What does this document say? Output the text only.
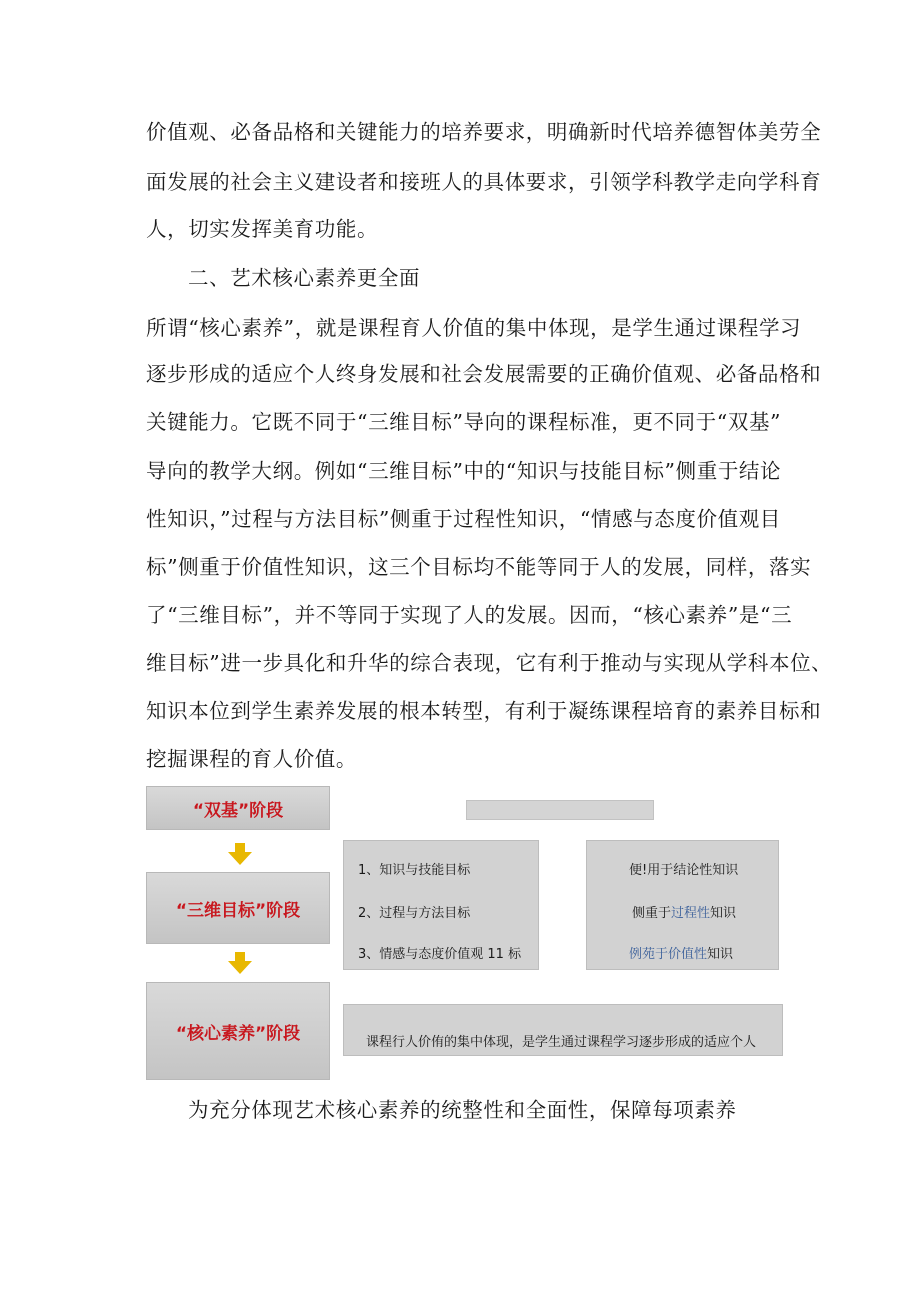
价值观、必备品格和关键能力的培养要求，明确新时代培养德智体美劳全
面发展的社会主义建设者和接班人的具体要求，引领学科教学走向学科育
人，切实发挥美育功能。
二、艺术核心素养更全面
所谓“核心素养”，就是课程育人价值的集中体现，是学生通过课程学习
逐步形成的适应个人终身发展和社会发展需要的正确价值观、必备品格和
关键能力。它既不同于“三维目标”导向的课程标准，更不同于“双基”
导向的教学大纲。例如“三维目标”中的“知识与技能目标”侧重于结论
性知识，”过程与方法目标”侧重于过程性知识，“情感与态度价值观目
标”侧重于价值性知识，这三个目标均不能等同于人的发展，同样，落实
了“三维目标”，并不等同于实现了人的发展。因而，“核心素养”是“三
维目标”进一步具化和升华的综合表现，它有利于推动与实现从学科本位、
知识本位到学生素养发展的根本转型，有利于凝练课程培育的素养目标和
挖掘课程的育人价值。
“双基”阶段
“三维目标”阶段
“核心素养”阶段
1、知识与技能目标
2、过程与方法目标
3、情感与态度价值观 11 标
便!用于结论性知识
侧重于过程性知识
例苑于价值性知识
课程行人价侑的集中体现，是学生通过课程学习逐步形成的适应个人
为充分体现艺术核心素养的统整性和全面性，保障每项素养
